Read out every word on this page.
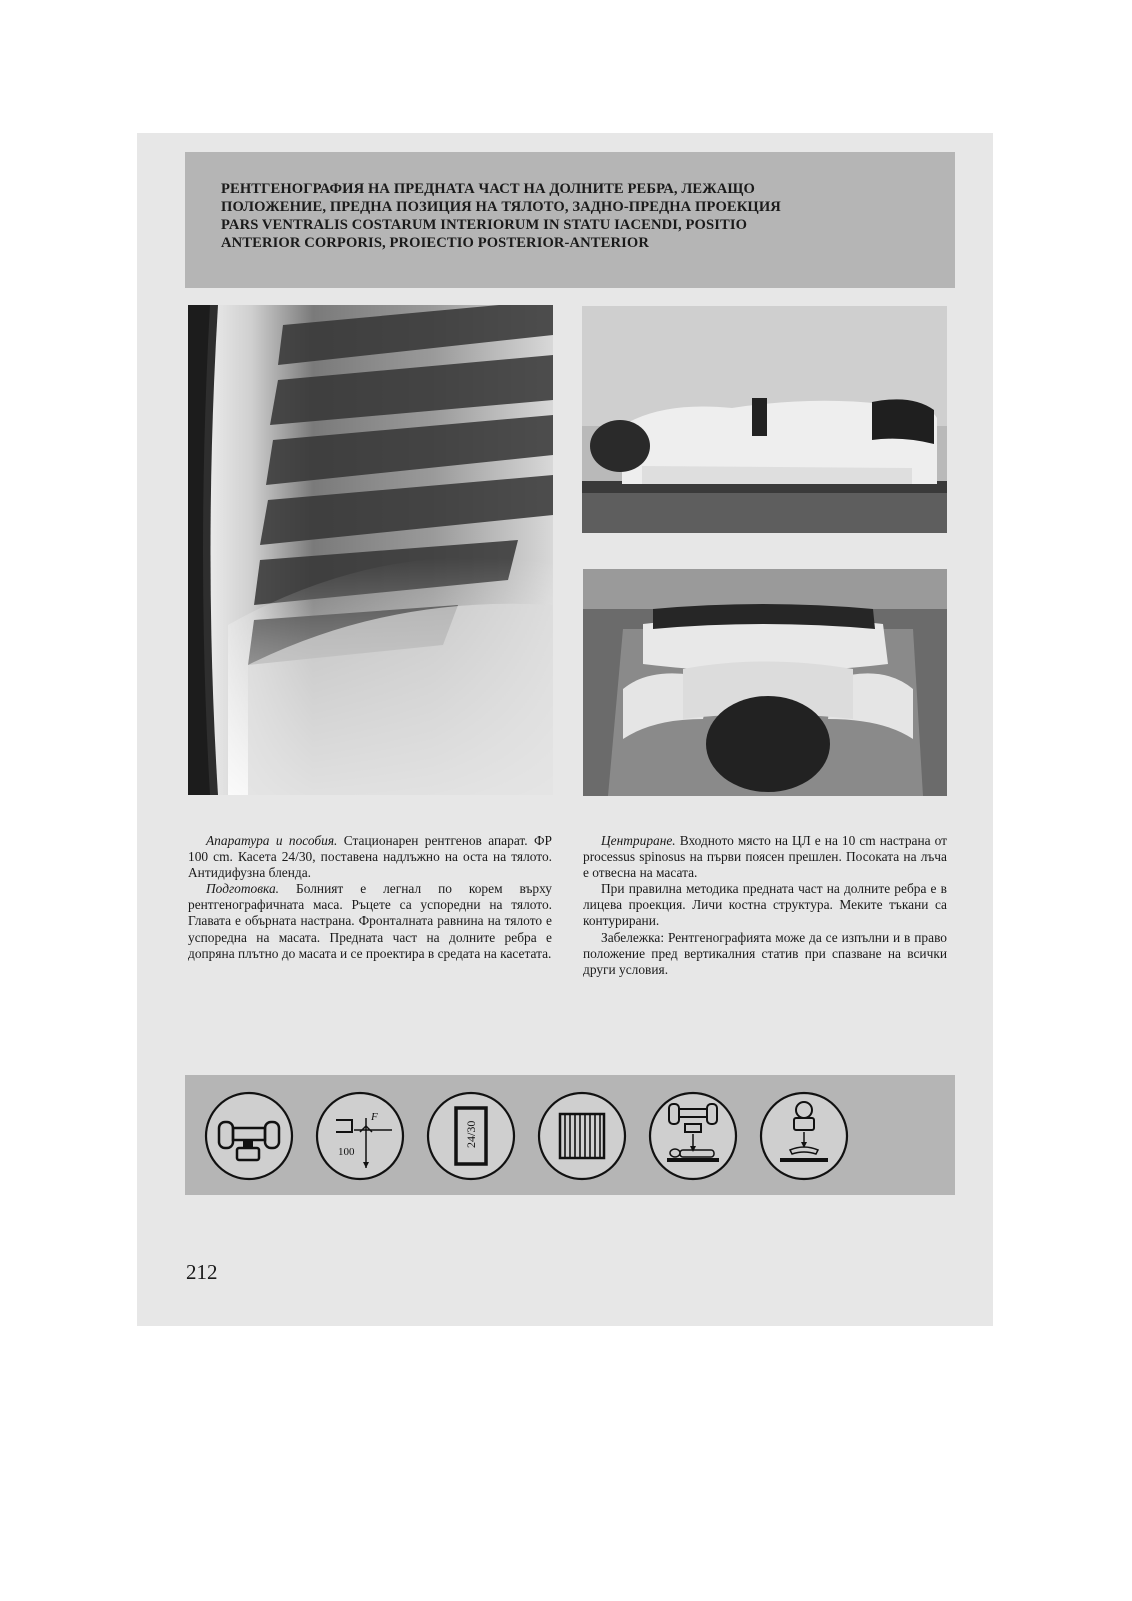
РЕНТГЕНОГРАФИЯ НА ПРЕДНАТА ЧАСТ НА ДОЛНИТЕ РЕБРА, ЛЕЖАЩО
ПОЛОЖЕНИЕ, ПРЕДНА ПОЗИЦИЯ НА ТЯЛОТО, ЗАДНО-ПРЕДНА ПРОЕКЦИЯ
PARS VENTRALIS COSTARUM INTERIORUM IN STATU IACENDI, POSITIO
ANTERIOR CORPORIS, PROIECTIO POSTERIOR-ANTERIOR

Апаратура и пособия. Стационарен рентгенов апарат. ФР 100 cm. Касета 24/30, поставена надлъжно на оста на тялото. Антидифузна бленда.

Подготовка. Болният е легнал по корем върху рентгенографичната маса. Ръцете са успоредни на тялото. Главата е обърната настрана. Фронталната равнина на тялото е успоредна на масата. Предната част на долните ребра е допряна плътно до масата и се проектира в средата на касетата.

Центриране. Входното място на ЦЛ е на 10 cm настрана от processus spinosus на първи поясен прешлен. Посоката на лъча е отвесна на масата.

При правилна методика предната част на долните ребра е в лицева проекция. Личи костна структура. Меките тъкани са контурирани.

Забележка: Рентгенографията може да се изпълни и в право положение пред вертикалния статив при спазване на всички други условия.

F
100
24/30
212
